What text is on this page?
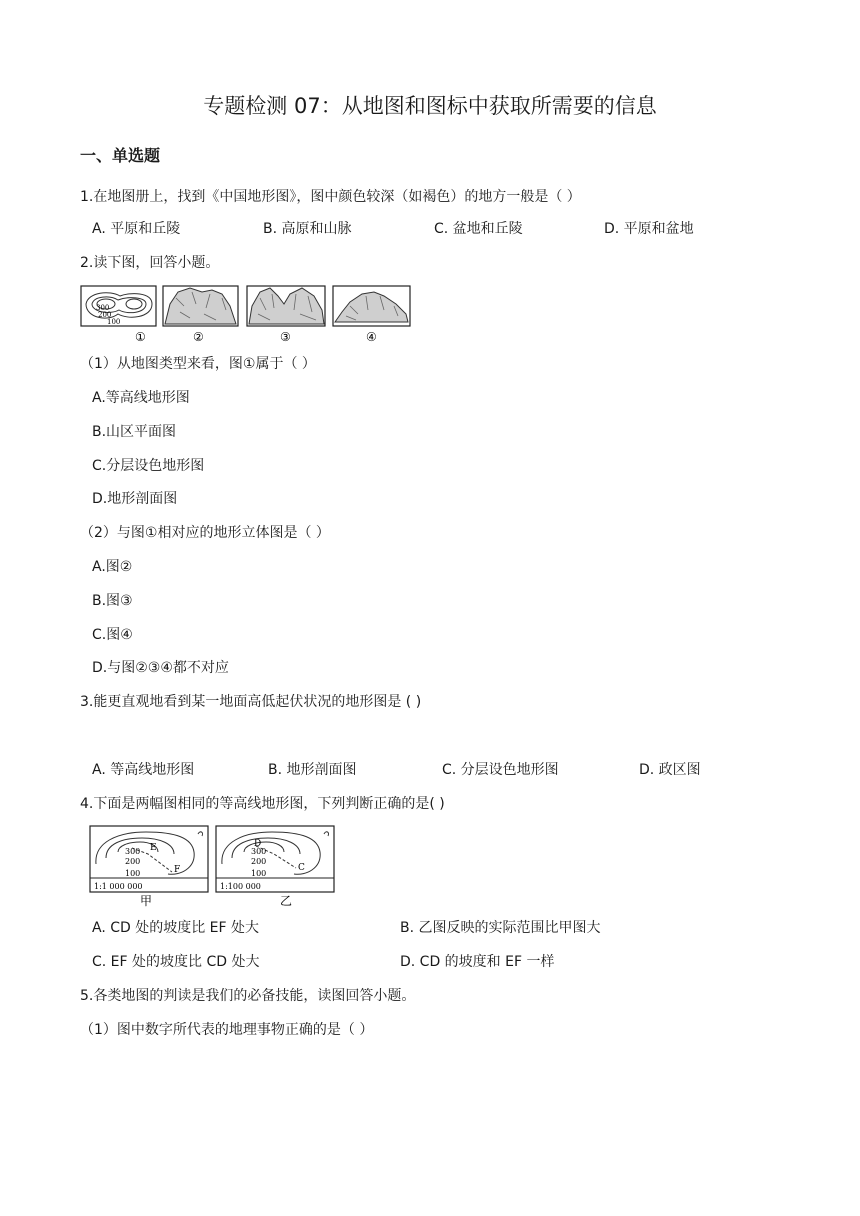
专题检测 07：从地图和图标中获取所需要的信息
一、单选题
1.在地图册上，找到《中国地形图》，图中颜色较深（如褐色）的地方一般是（ ）
A. 平原和丘陵	B. 高原和山脉	C. 盆地和丘陵	D. 平原和盆地
2.读下图，回答小题。
300
200
100
①	②	③	④
（1）从地图类型来看，图①属于（ ）
A.等高线地形图
B.山区平面图
C.分层设色地形图
D.地形剖面图
（2）与图①相对应的地形立体图是（ ）
A.图②
B.图③
C.图④
D.与图②③④都不对应
3.能更直观地看到某一地面高低起伏状况的地形图是 ( )
A. 等高线地形图	B. 地形剖面图	C. 分层设色地形图	D. 政区图
4.下面是两幅图相同的等高线地形图，下列判断正确的是( )
300
200
100
E
F
1:1 000 000
甲
300
200
100
D
C
1:100 000
乙
A. CD 处的坡度比 EF 处大	B. 乙图反映的实际范围比甲图大
C. EF 处的坡度比 CD 处大	D. CD 的坡度和 EF 一样
5.各类地图的判读是我们的必备技能，读图回答小题。
（1）图中数字所代表的地理事物正确的是（ ）
